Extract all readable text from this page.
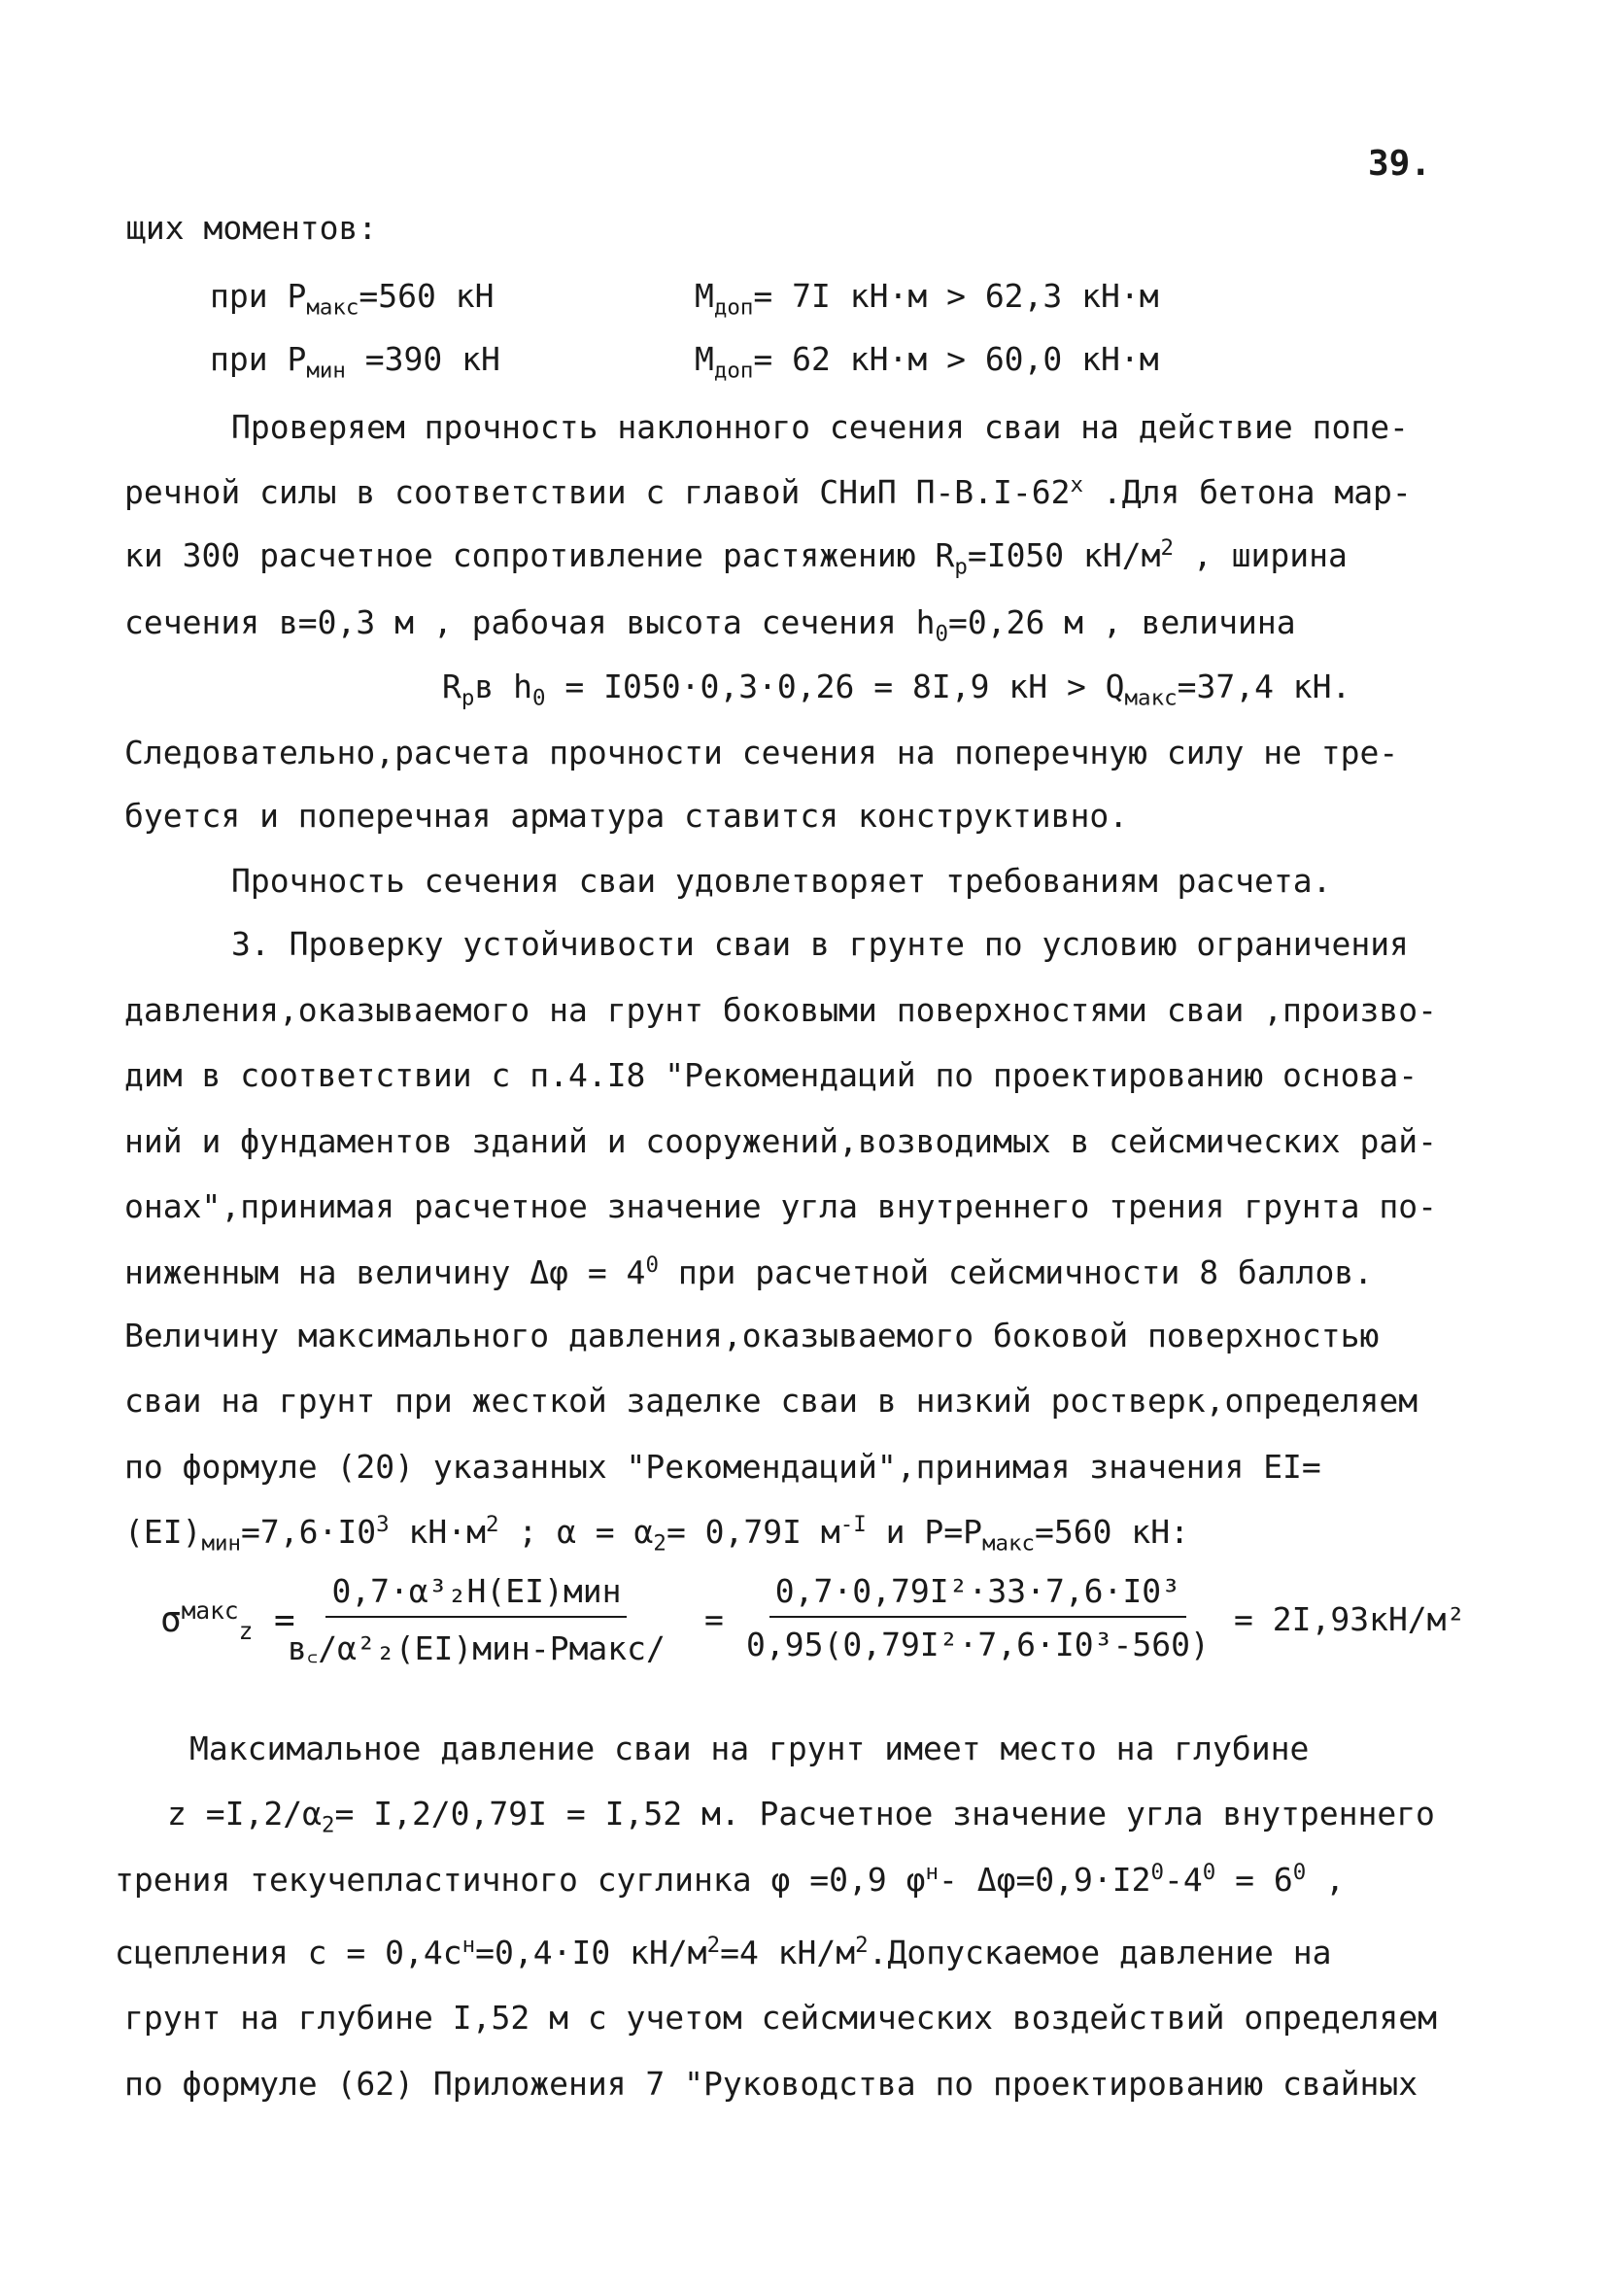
39.
щих моментов:
при $P_{макс}=560$ кН	$М_{доп}= 7I$ кН·м > 62,3 кН·м
при $P_{мин} =390$ кН	$М_{доп}= 62$ кН·м > 60,0 кН·м
Проверяем прочность наклонного сечения сваи на действие попе-
речной силы в соответствии с главой СНиП $П-В.I-62^х$ .Для бетона мар-
ки 300 расчетное сопротивление растяжению $R_р=I050$ $кН/м^2$ , ширина
сечения в=0,3 м , рабочая высота сечения $h_0=0,26$ м , величина
$R_рв$ $h_0 = I050\cdot 0,3\cdot 0,26 = 8I,9$ кН > $Q_{макс}=37,4$ кН.
Следовательно,расчета прочности сечения на поперечную силу не тре-
буется и поперечная арматура ставится конструктивно.
Прочность сечения сваи удовлетворяет требованиям расчета.
3. Проверку устойчивости сваи в грунте по условию ограничения
давления,оказываемого на грунт боковыми поверхностями сваи ,произво-
дим в соответствии с п.4.I8 "Рекомендаций по проектированию основа-
ний и фундаментов зданий и сооружений,возводимых в сейсмических рай-
онах",принимая расчетное значение угла внутреннего трения грунта по-
ниженным на величину $\Delta\varphi = 4^0$ при расчетной сейсмичности 8 баллов.
Величину максимального давления,оказываемого боковой поверхностью
сваи на грунт при жесткой заделке сваи в низкий ростверк,определяем
по формуле (20) указанных "Рекомендаций",принимая значения EI=
$(EI)_{мин}=7,6\cdot I0^3$ $кН\cdot м^2$ ; $\alpha = \alpha_2= 0,79I$ $м^{-I}$ и $P=P_{макс}=560$ кН:
$\sigma^{макс}_z$ =
0,7·α³₂H(EI)мин
в꜀/α²₂(EI)мин-Pмакс/
= $\frac{\text{0,7·0,79I²·33·7,6·I0³}}{\text{0,95(0,79I²·7,6·I0³-560)}} = 2I,93кН/м^2$
Максимальное давление сваи на грунт имеет место на глубине
$z =I,2/\alpha_2= I,2/0,79I = I,52$ м. Расчетное значение угла внутреннего
трения текучепластичного суглинка φ =0,9 $\varphi^н-$ $\Delta\varphi=0,9\cdot I2^0-4^0 = 6^0$ ,
сцепления $c = 0,4c^н=0,4\cdot I0$ $кН/м^2=4$ $кН/м^2.Допускаемое$ давление на
грунт на глубине I,52 м с учетом сейсмических воздействий определяем
по формуле (62) Приложения 7 "Руководства по проектированию свайных
